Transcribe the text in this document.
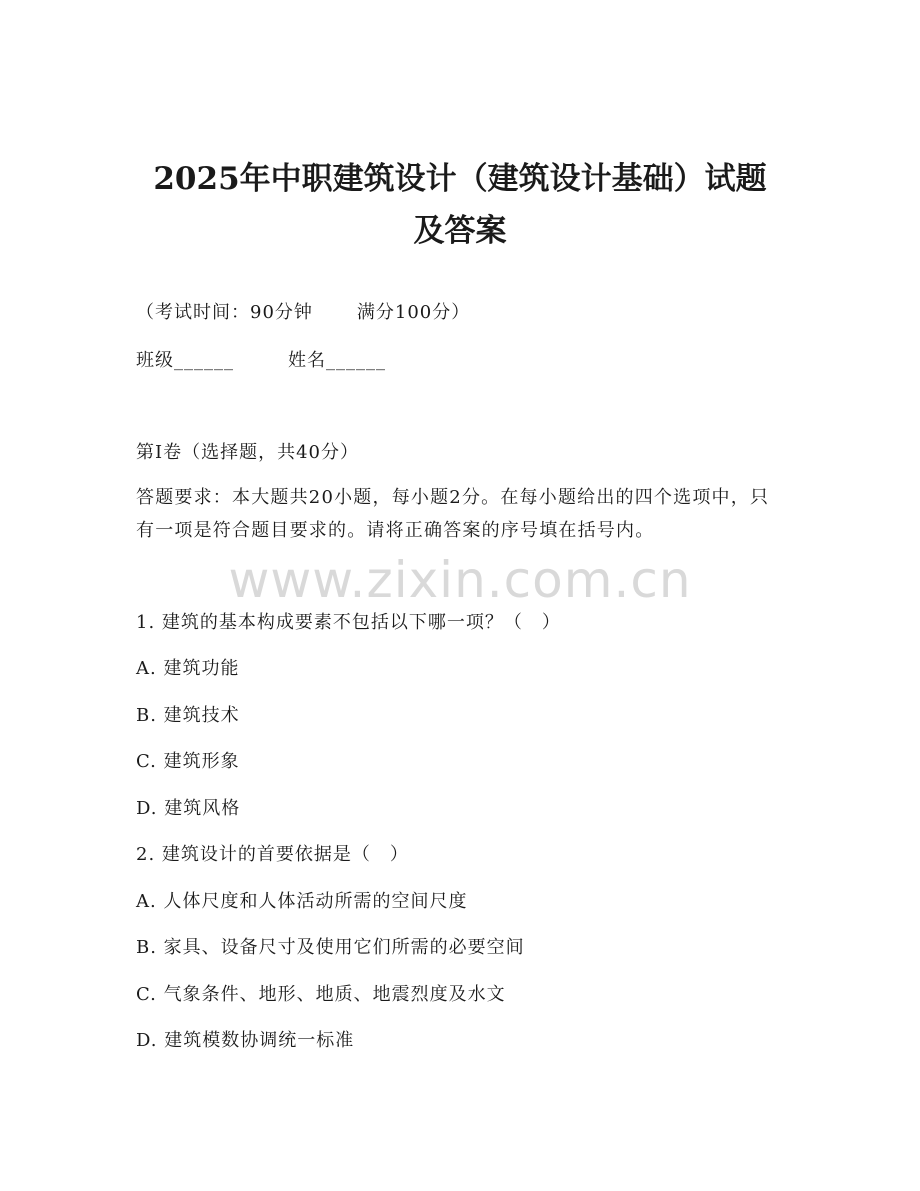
2025年中职建筑设计（建筑设计基础）试题
及答案
（考试时间：90分钟 满分100分）
班级______	姓名______
第I卷（选择题，共40分）
答题要求：本大题共20小题，每小题2分。在每小题给出的四个选项中，只有一项是符合题目要求的。请将正确答案的序号填在括号内。
www.zixin.com.cn
1. 建筑的基本构成要素不包括以下哪一项？（　）
A. 建筑功能
B. 建筑技术
C. 建筑形象
D. 建筑风格
2. 建筑设计的首要依据是（　）
A. 人体尺度和人体活动所需的空间尺度
B. 家具、设备尺寸及使用它们所需的必要空间
C. 气象条件、地形、地质、地震烈度及水文
D. 建筑模数协调统一标准
